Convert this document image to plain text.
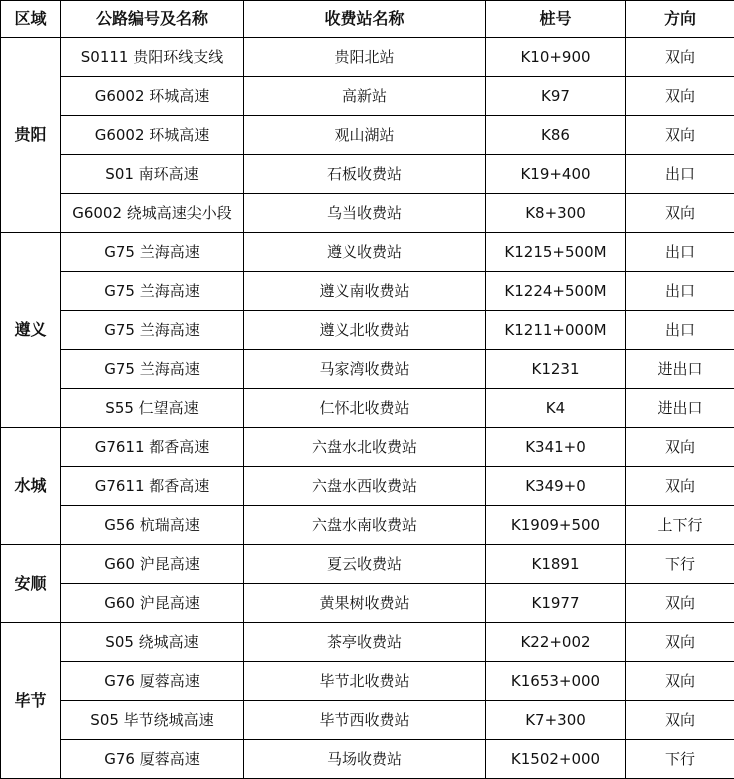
区域	公路编号及名称	收费站名称	桩号	方向
贵阳	S0111 贵阳环线支线	贵阳北站	K10+900	双向
	G6002 环城高速	高新站	K97	双向
	G6002 环城高速	观山湖站	K86	双向
	S01 南环高速	石板收费站	K19+400	出口
	G6002 绕城高速尖小段	乌当收费站	K8+300	双向
遵义	G75 兰海高速	遵义收费站	K1215+500M	出口
	G75 兰海高速	遵义南收费站	K1224+500M	出口
	G75 兰海高速	遵义北收费站	K1211+000M	出口
	G75 兰海高速	马家湾收费站	K1231	进出口
	S55 仁望高速	仁怀北收费站	K4	进出口
水城	G7611 都香高速	六盘水北收费站	K341+0	双向
	G7611 都香高速	六盘水西收费站	K349+0	双向
	G56 杭瑞高速	六盘水南收费站	K1909+500	上下行
安顺	G60 沪昆高速	夏云收费站	K1891	下行
	G60 沪昆高速	黄果树收费站	K1977	双向
毕节	S05 绕城高速	茶亭收费站	K22+002	双向
	G76 厦蓉高速	毕节北收费站	K1653+000	双向
	S05 毕节绕城高速	毕节西收费站	K7+300	双向
	G76 厦蓉高速	马场收费站	K1502+000	下行
